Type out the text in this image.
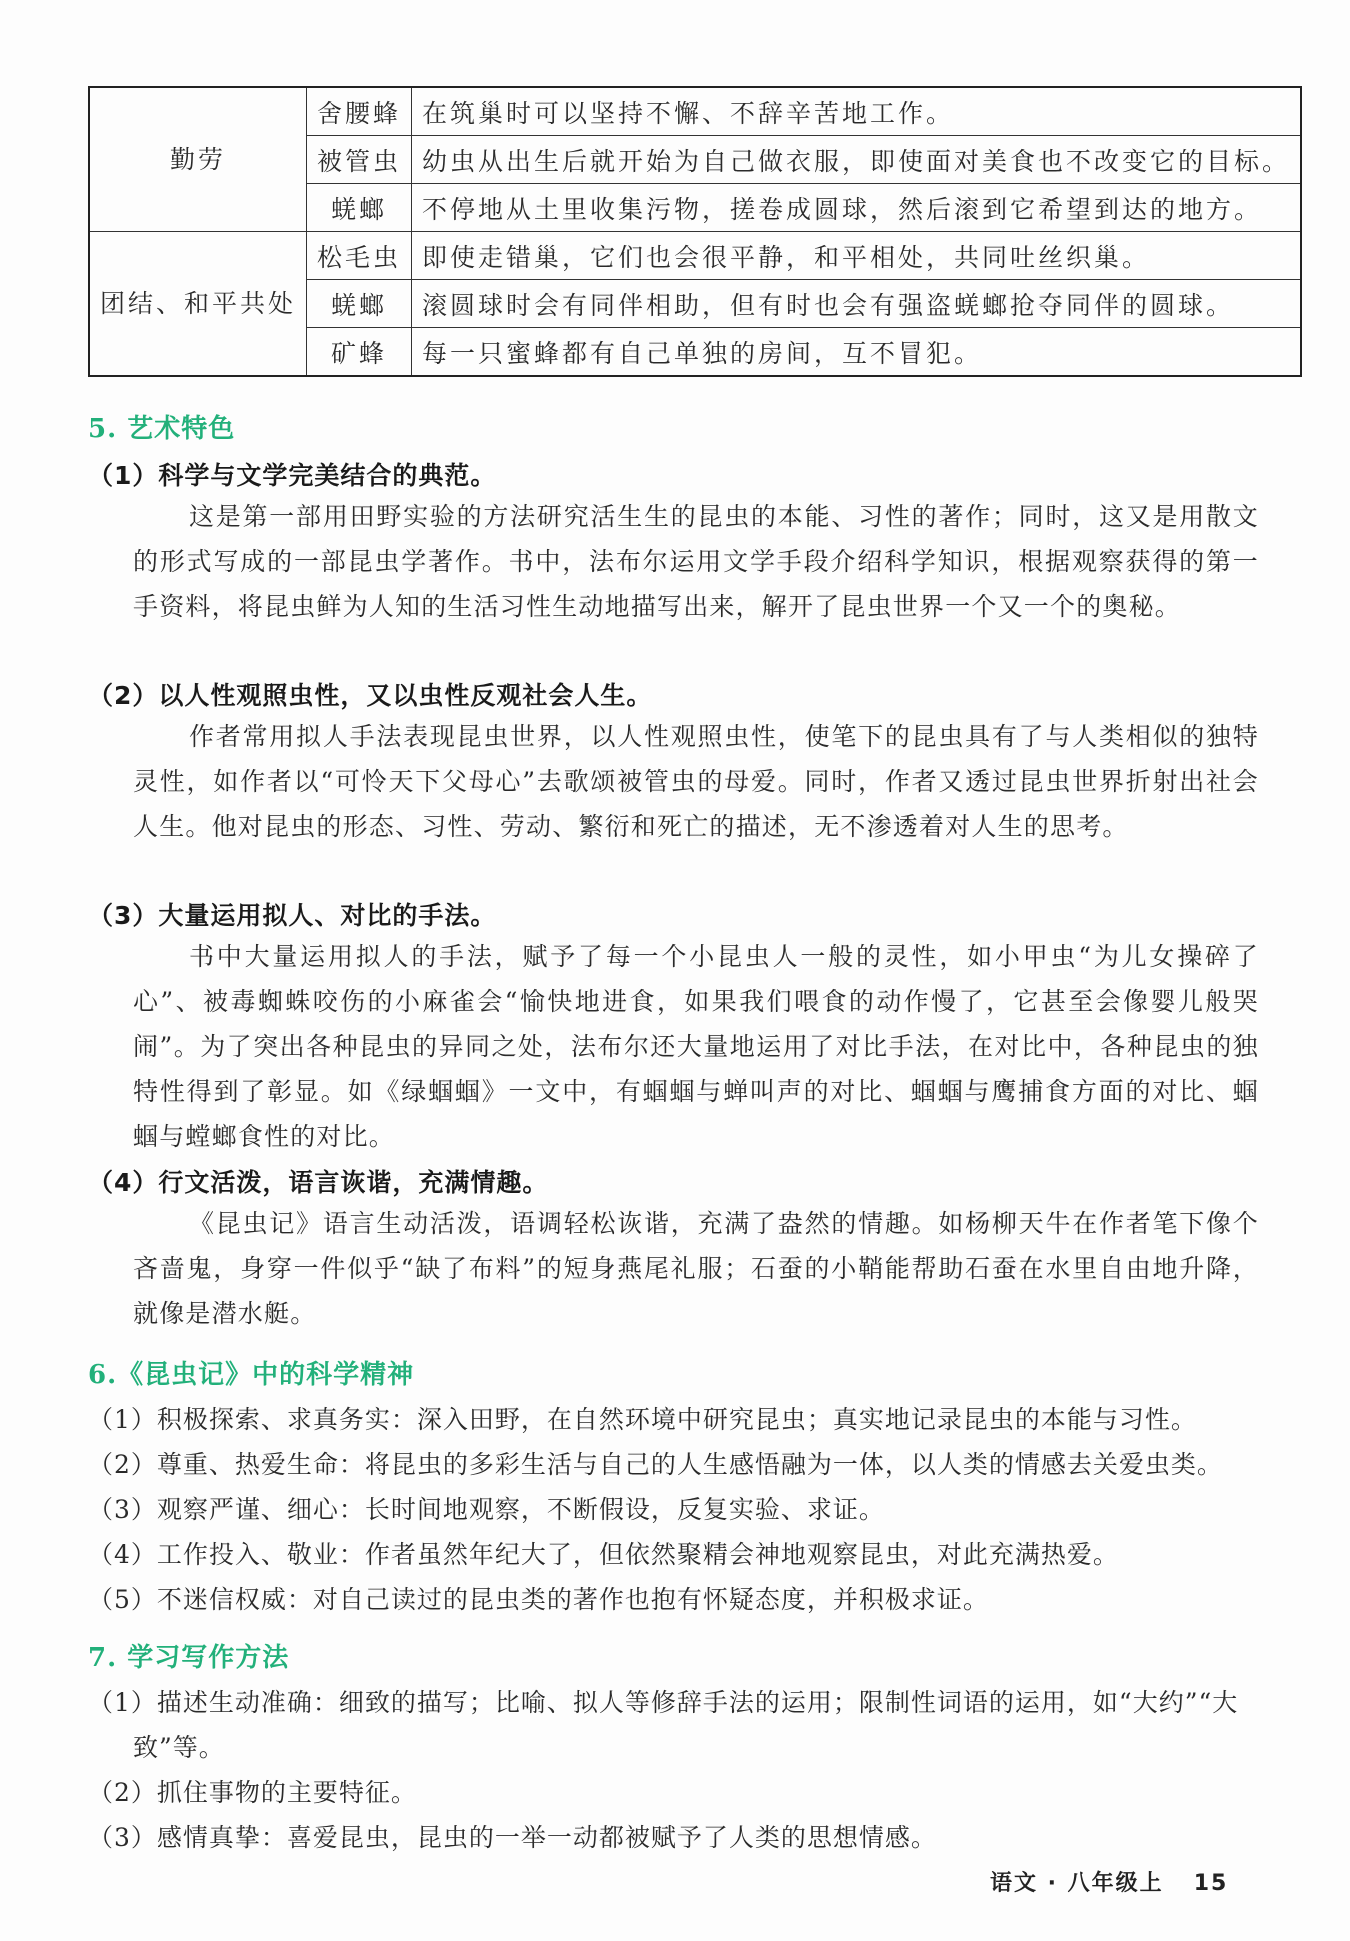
勤劳	舍腰蜂	在筑巢时可以坚持不懈、不辞辛苦地工作。
	被管虫	幼虫从出生后就开始为自己做衣服，即使面对美食也不改变它的目标。
	蜣螂	不停地从土里收集污物，搓卷成圆球，然后滚到它希望到达的地方。
团结、和平共处	松毛虫	即使走错巢，它们也会很平静，和平相处，共同吐丝织巢。
	蜣螂	滚圆球时会有同伴相助，但有时也会有强盗蜣螂抢夺同伴的圆球。
	矿蜂	每一只蜜蜂都有自己单独的房间，互不冒犯。
5. 艺术特色
（1）科学与文学完美结合的典范。

这是第一部用田野实验的方法研究活生生的昆虫的本能、习性的著作；同时，这又是用散文的形式写成的一部昆虫学著作。书中，法布尔运用文学手段介绍科学知识，根据观察获得的第一手资料，将昆虫鲜为人知的生活习性生动地描写出来，解开了昆虫世界一个又一个的奥秘。

（2）以人性观照虫性，又以虫性反观社会人生。

作者常用拟人手法表现昆虫世界，以人性观照虫性，使笔下的昆虫具有了与人类相似的独特灵性，如作者以“可怜天下父母心”去歌颂被管虫的母爱。同时，作者又透过昆虫世界折射出社会人生。他对昆虫的形态、习性、劳动、繁衍和死亡的描述，无不渗透着对人生的思考。

（3）大量运用拟人、对比的手法。

书中大量运用拟人的手法，赋予了每一个小昆虫人一般的灵性，如小甲虫“为儿女操碎了心”、被毒蜘蛛咬伤的小麻雀会“愉快地进食，如果我们喂食的动作慢了，它甚至会像婴儿般哭闹”。为了突出各种昆虫的异同之处，法布尔还大量地运用了对比手法，在对比中，各种昆虫的独特性得到了彰显。如《绿蝈蝈》一文中，有蝈蝈与蝉叫声的对比、蝈蝈与鹰捕食方面的对比、蝈蝈与螳螂食性的对比。

（4）行文活泼，语言诙谐，充满情趣。

《昆虫记》语言生动活泼，语调轻松诙谐，充满了盎然的情趣。如杨柳天牛在作者笔下像个吝啬鬼，身穿一件似乎“缺了布料”的短身燕尾礼服；石蚕的小鞘能帮助石蚕在水里自由地升降，就像是潜水艇。

6.《昆虫记》中的科学精神
（1）积极探索、求真务实：深入田野，在自然环境中研究昆虫；真实地记录昆虫的本能与习性。
（2）尊重、热爱生命：将昆虫的多彩生活与自己的人生感悟融为一体，以人类的情感去关爱虫类。
（3）观察严谨、细心：长时间地观察，不断假设，反复实验、求证。
（4）工作投入、敬业：作者虽然年纪大了，但依然聚精会神地观察昆虫，对此充满热爱。
（5）不迷信权威：对自己读过的昆虫类的著作也抱有怀疑态度，并积极求证。
7. 学习写作方法
（1）描述生动准确：细致的描写；比喻、拟人等修辞手法的运用；限制性词语的运用，如“大约”“大致”等。
（2）抓住事物的主要特征。
（3）感情真挚：喜爱昆虫，昆虫的一举一动都被赋予了人类的思想情感。
语文 · 八年级上 15
